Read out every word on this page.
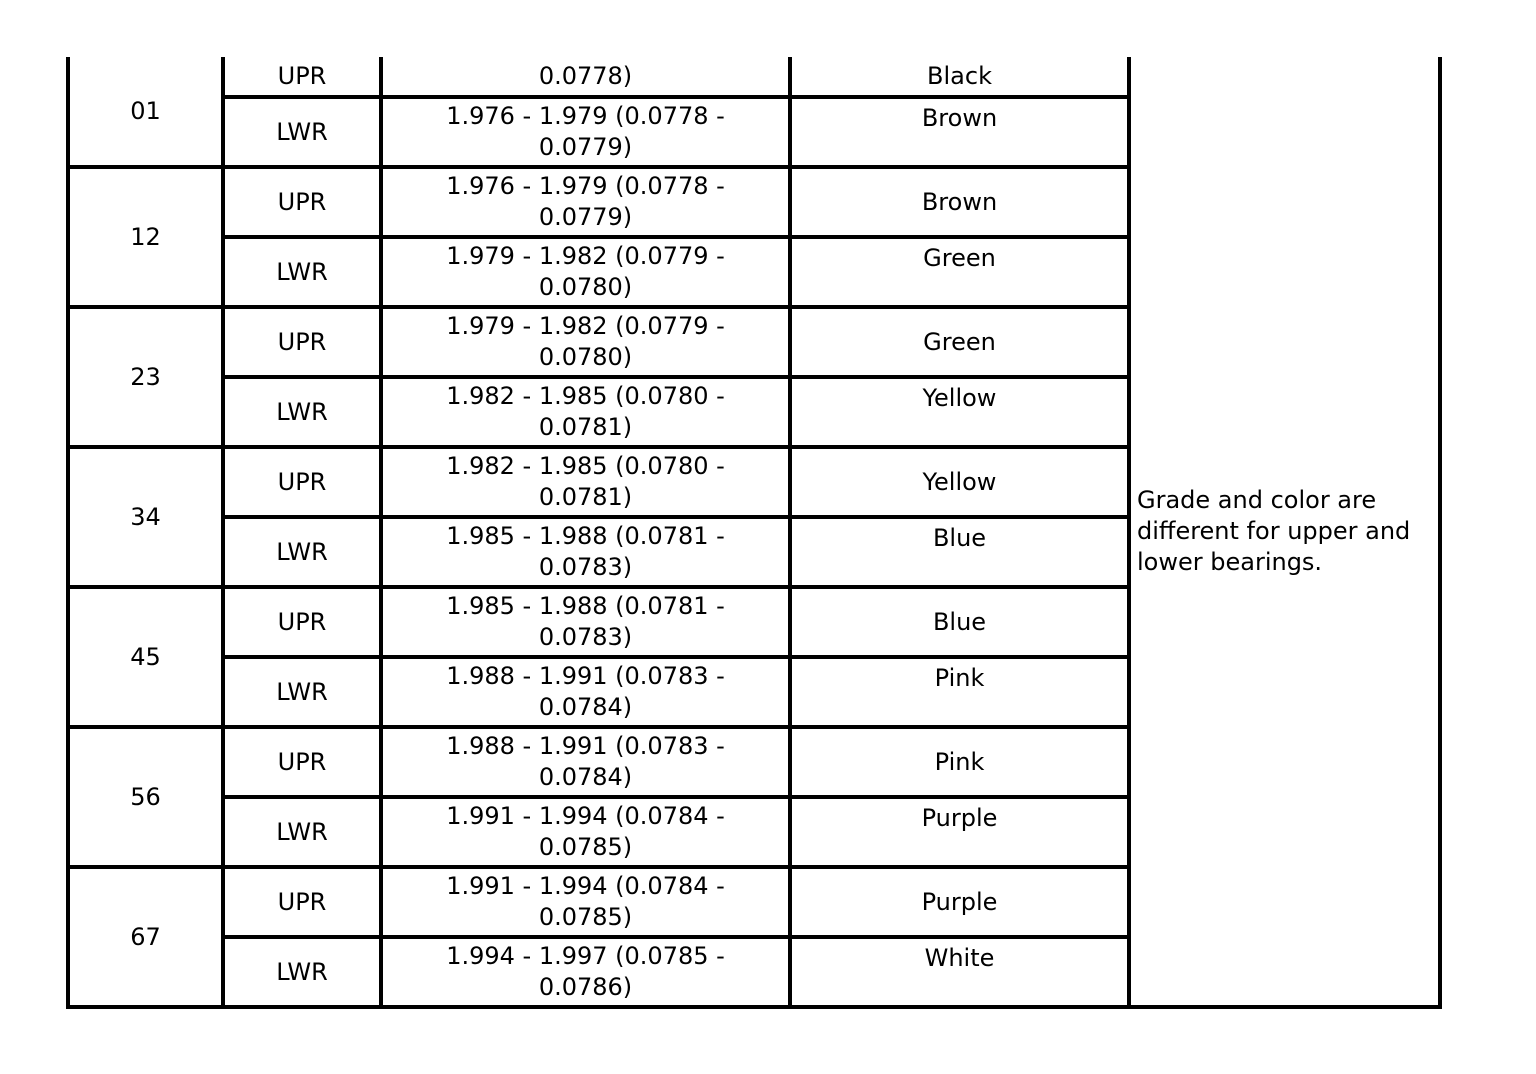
01	UPR	0.0778)	Black	Grade and color are different for upper and lower bearings.
	LWR	1.976 - 1.979 (0.0778 - 0.0779)	Brown	
12	UPR	1.976 - 1.979 (0.0778 - 0.0779)	Brown	
	LWR	1.979 - 1.982 (0.0779 - 0.0780)	Green	
23	UPR	1.979 - 1.982 (0.0779 - 0.0780)	Green	
	LWR	1.982 - 1.985 (0.0780 - 0.0781)	Yellow	
34	UPR	1.982 - 1.985 (0.0780 - 0.0781)	Yellow	
	LWR	1.985 - 1.988 (0.0781 - 0.0783)	Blue	
45	UPR	1.985 - 1.988 (0.0781 - 0.0783)	Blue	
	LWR	1.988 - 1.991 (0.0783 - 0.0784)	Pink	
56	UPR	1.988 - 1.991 (0.0783 - 0.0784)	Pink	
	LWR	1.991 - 1.994 (0.0784 - 0.0785)	Purple	
67	UPR	1.991 - 1.994 (0.0784 - 0.0785)	Purple	
	LWR	1.994 - 1.997 (0.0785 - 0.0786)	White	
